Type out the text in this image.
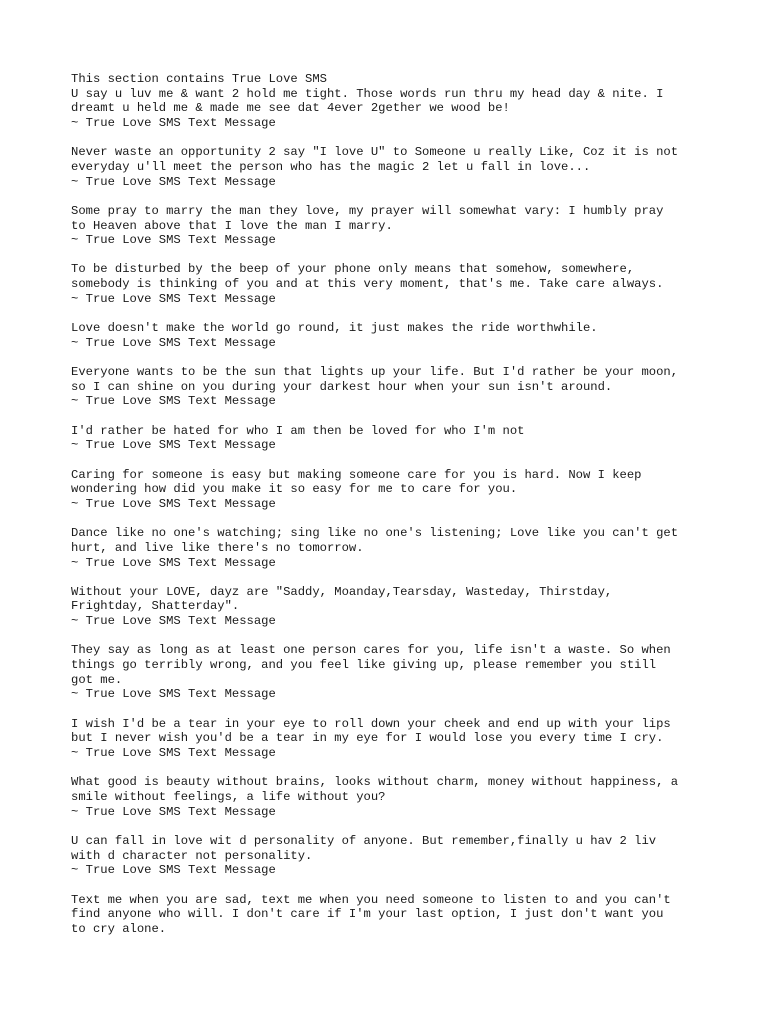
This section contains True Love SMS
U say u luv me & want 2 hold me tight. Those words run thru my head day & nite. I
dreamt u held me & made me see dat 4ever 2gether we wood be!
~ True Love SMS Text Message
Never waste an opportunity 2 say "I love U" to Someone u really Like, Coz it is not
everyday u'll meet the person who has the magic 2 let u fall in love...
~ True Love SMS Text Message
Some pray to marry the man they love, my prayer will somewhat vary: I humbly pray
to Heaven above that I love the man I marry.
~ True Love SMS Text Message
To be disturbed by the beep of your phone only means that somehow, somewhere,
somebody is thinking of you and at this very moment, that's me. Take care always.
~ True Love SMS Text Message
Love doesn't make the world go round, it just makes the ride worthwhile.
~ True Love SMS Text Message
Everyone wants to be the sun that lights up your life. But I'd rather be your moon,
so I can shine on you during your darkest hour when your sun isn't around.
~ True Love SMS Text Message
I'd rather be hated for who I am then be loved for who I'm not
~ True Love SMS Text Message
Caring for someone is easy but making someone care for you is hard. Now I keep
wondering how did you make it so easy for me to care for you.
~ True Love SMS Text Message
Dance like no one's watching; sing like no one's listening; Love like you can't get
hurt, and live like there's no tomorrow.
~ True Love SMS Text Message
Without your LOVE, dayz are "Saddy, Moanday,Tearsday, Wasteday, Thirstday,
Frightday, Shatterday".
~ True Love SMS Text Message
They say as long as at least one person cares for you, life isn't a waste. So when
things go terribly wrong, and you feel like giving up, please remember you still
got me.
~ True Love SMS Text Message
I wish I'd be a tear in your eye to roll down your cheek and end up with your lips
but I never wish you'd be a tear in my eye for I would lose you every time I cry.
~ True Love SMS Text Message
What good is beauty without brains, looks without charm, money without happiness, a
smile without feelings, a life without you?
~ True Love SMS Text Message
U can fall in love wit d personality of anyone. But remember,finally u hav 2 liv
with d character not personality.
~ True Love SMS Text Message
Text me when you are sad, text me when you need someone to listen to and you can't
find anyone who will. I don't care if I'm your last option, I just don't want you
to cry alone.
